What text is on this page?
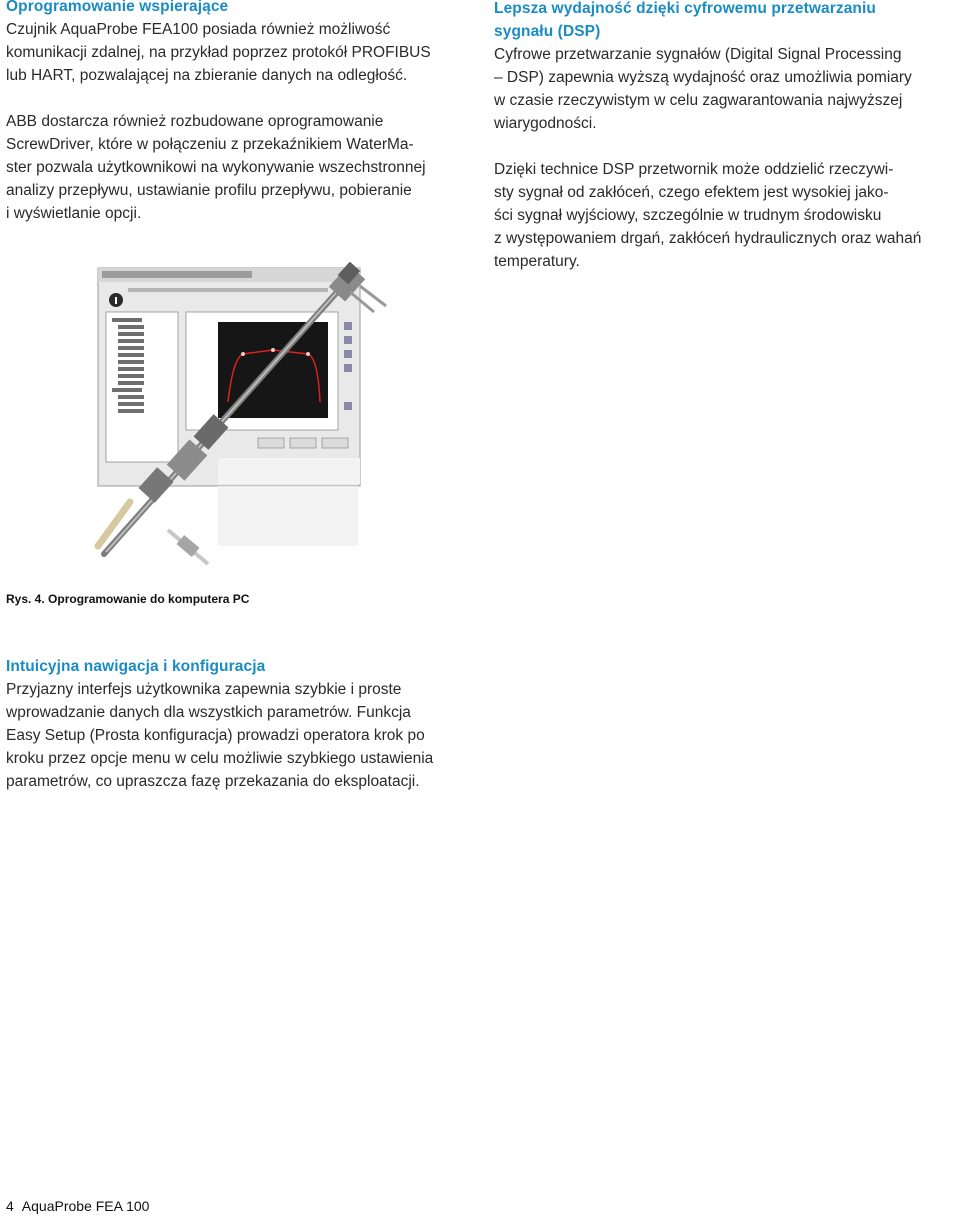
Oprogramowanie wspierające

Czujnik AquaProbe FEA100 posiada również możliwość
komunikacji zdalnej, na przykład poprzez protokół PROFIBUS
lub HART, pozwalającej na zbieranie danych na odległość.

ABB dostarcza również rozbudowane oprogramowanie
ScrewDriver, które w połączeniu z przekaźnikiem WaterMa-
ster pozwala użytkownikowi na wykonywanie wszechstronnej
analizy przepływu, ustawianie profilu przepływu, pobieranie
i wyświetlanie opcji.

Rys. 4. Oprogramowanie do komputera PC

Intuicyjna nawigacja i konfiguracja

Przyjazny interfejs użytkownika zapewnia szybkie i proste
wprowadzanie danych dla wszystkich parametrów. Funkcja
Easy Setup (Prosta konfiguracja) prowadzi operatora krok po
kroku przez opcje menu w celu możliwie szybkiego ustawienia
parametrów, co upraszcza fazę przekazania do eksploatacji.

Lepsza wydajność dzięki cyfrowemu przetwarzaniu
sygnału (DSP)

Cyfrowe przetwarzanie sygnałów (Digital Signal Processing
– DSP) zapewnia wyższą wydajność oraz umożliwia pomiary
w czasie rzeczywistym w celu zagwarantowania najwyższej
wiarygodności.

Dzięki technice DSP przetwornik może oddzielić rzeczywi-
sty sygnał od zakłóceń, czego efektem jest wysokiej jako-
ści sygnał wyjściowy, szczególnie w trudnym środowisku
z występowaniem drgań, zakłóceń hydraulicznych oraz wahań
temperatury.

4 AquaProbe FEA 100
